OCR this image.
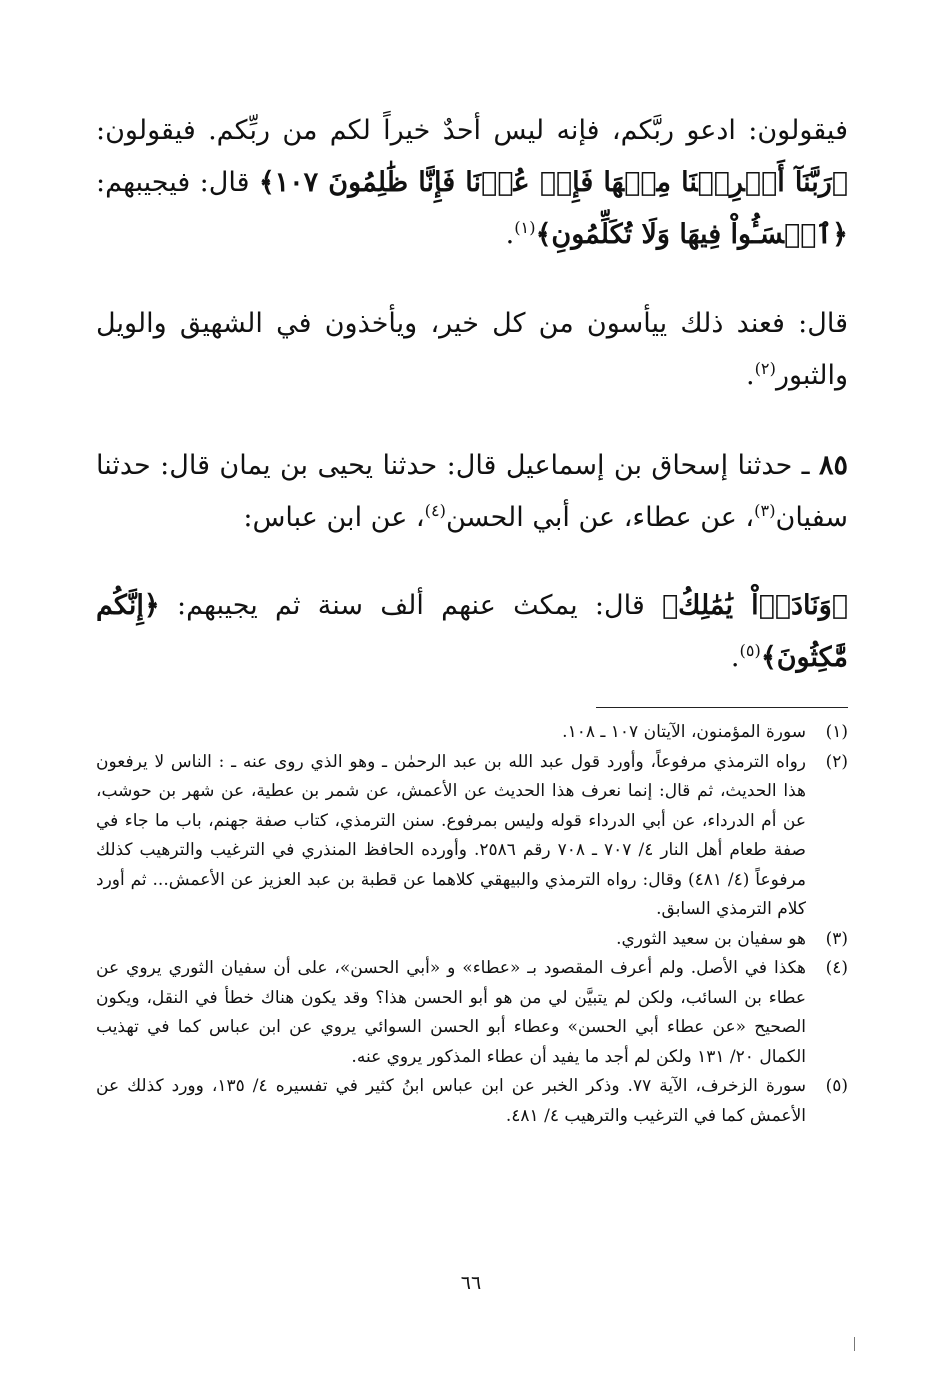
فيقولون: ادعو ربَّكم، فإنه ليس أحدٌ خيراً لكم من ربِّكم. فيقولون: ﴿رَبَّنَآ أَخۡرِجۡنَا مِنۡهَا فَإِنۡ عُدۡنَا فَإِنَّا ظَٰلِمُونَ ١٠٧﴾ قال: فيجيبهم: ﴿ٱخۡسَـُٔواْ فِيهَا وَلَا تُكَلِّمُونِ﴾$^{(١)}$.
قال: فعند ذلك ييأسون من كل خير، ويأخذون في الشهيق والويل والثبور$^{(٢)}$.
٨٥ ـ حدثنا إسحاق بن إسماعيل قال: حدثنا يحيى بن يمان قال: حدثنا سفيان$^{(٣)}$، عن عطاء، عن أبي الحسن$^{(٤)}$، عن ابن عباس:
﴿وَنَادَوۡاْ يَٰمَٰلِكُ﴾ قال: يمكث عنهم ألف سنة ثم يجيبهم: ﴿إِنَّكُم مَّٰكِثُونَ﴾$^{(٥)}$.
(١)
سورة المؤمنون، الآيتان ١٠٧ ـ ١٠٨.
(٢)
رواه الترمذي مرفوعاً، وأورد قول عبد الله بن عبد الرحمٰن ـ وهو الذي روى عنه ـ : الناس لا يرفعون هذا الحديث، ثم قال: إنما نعرف هذا الحديث عن الأعمش، عن شمر بن عطية، عن شهر بن حوشب، عن أم الدرداء، عن أبي الدرداء قوله وليس بمرفوع. سنن الترمذي، كتاب صفة جهنم، باب ما جاء في صفة طعام أهل النار ٤/ ٧٠٧ ـ ٧٠٨ رقم ٢٥٨٦. وأورده الحافظ المنذري في الترغيب والترهيب كذلك مرفوعاً (٤/ ٤٨١) وقال: رواه الترمذي والبيهقي كلاهما عن قطبة بن عبد العزيز عن الأعمش... ثم أورد كلام الترمذي السابق.
(٣)
هو سفيان بن سعيد الثوري.
(٤)
هكذا في الأصل. ولم أعرف المقصود بـ «عطاء» و «أبي الحسن»، على أن سفيان الثوري يروي عن عطاء بن السائب، ولكن لم يتبيَّن لي من هو أبو الحسن هذا؟ وقد يكون هناك خطأ في النقل، ويكون الصحيح «عن عطاء أبي الحسن» وعطاء أبو الحسن السوائي يروي عن ابن عباس كما في تهذيب الكمال ٢٠/ ١٣١ ولكن لم أجد ما يفيد أن عطاء المذكور يروي عنه.
(٥)
سورة الزخرف، الآية ٧٧. وذكر الخبر عن ابن عباس ابنُ كثير في تفسيره ٤/ ١٣٥، وورد كذلك عن الأعمش كما في الترغيب والترهيب ٤/ ٤٨١.
٦٦
